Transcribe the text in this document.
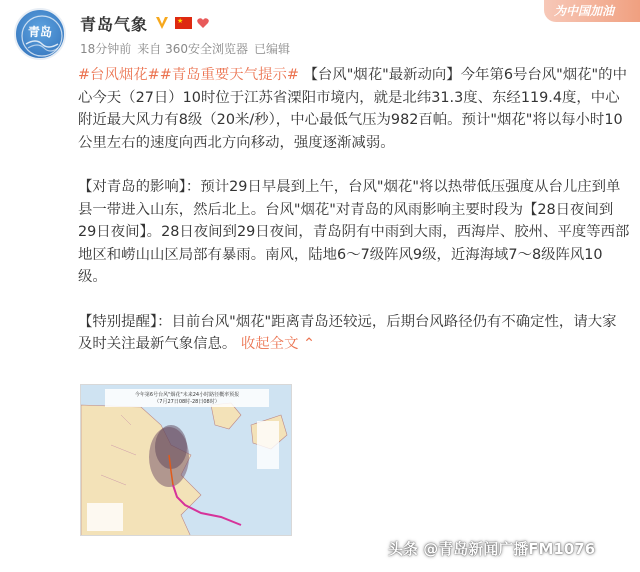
青岛 青岛气象	★
18分钟前 来自 360安全浏览器 已编辑
为中国加油
#台风烟花##青岛重要天气提示# 【台风"烟花"最新动向】今年第6号台风"烟花"的中心今天（27日）10时位于江苏省溧阳市境内，就是北纬31.3度、东经119.4度，中心附近最大风力有8级（20米/秒），中心最低气压为982百帕。预计"烟花"将以每小时10公里左右的速度向西北方向移动，强度逐渐减弱。
【对青岛的影响】：预计29日早晨到上午，台风"烟花"将以热带低压强度从台儿庄到单县一带进入山东，然后北上。台风"烟花"对青岛的风雨影响主要时段为【28日夜间到29日夜间】。28日夜间到29日夜间，青岛阴有中雨到大雨，西海岸、胶州、平度等西部地区和崂山山区局部有暴雨。南风，陆地6～7级阵风9级，近海海域7～8级阵风10级。
【特别提醒】：目前台风"烟花"距离青岛还较远，后期台风路径仍有不确定性，请大家及时关注最新气象信息。 收起全文 ⌃
今年第6号台风"烟花"未来24小时路径概率预报
（7月27日08时-28日08时）
头条 @青岛新闻广播FM1076
